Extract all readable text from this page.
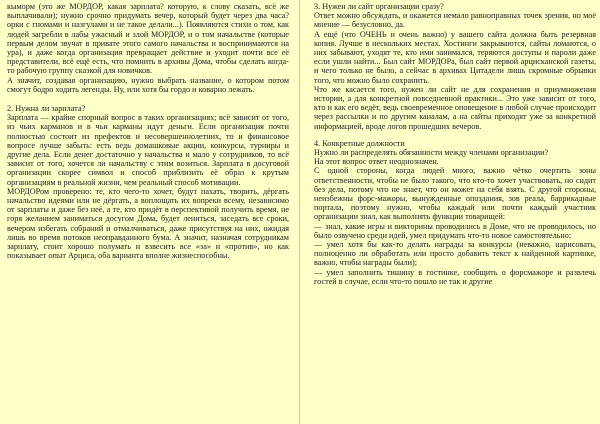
кыморм (это же МОРДОР, какая зарплата? которую, к слову сказать, всё же выплачивали); нужно срочно придумать вечер, который будет через два часа? орки с гномами и назгулами и не такое делали...). Появляются стихи о том, как людей загребли в лабы ужасный и злой МОРДОР, и о том начальстве (которые первым делом звучат в привате этого самого начальства и воспринимаются на ура), и даже когда организация превращает действие и уходит почти все её представители, всё ещё есть, что помнить в архивы Дома, чтобы сделать когда-то рабочую группу сказкой для новичков.

А значит, создавая организацию, нужно выбрать название, о котором потом смогут бодро ходить легенды. Ну, или хотя бы гордо и коварно лежать.

2. Нужна ли зарплата?

Зарплата — крайне спорный вопрос в таких организациях; всё зависит от того, из чьих карманов и в чьи карманы идут деньги. Если организация почти полностью состоит из префектов и несовершеннолетних, то и финансовое вопросе лучше забыть: есть ведь домашковые акции, конкурсы, турниры и другие дела. Если денег достаточно у начальства и мало у сотрудников, то всё зависит от того, хочется ли начальству с этим возиться. Зарплата в досуговой организации скорее символ и способ приблизить её образ к крутым организациям в реальной жизни, чем реальный способ мотивации.

МОРДОРом проверено: те, кто чего-то хочет, будут пахать, творить, дёргать начальство идеями или не дёргать, а воплощать их вопреки всему, независимо от зарплаты и даже без неё, а те, кто придёт в перспективой получить время, не горя желанием заниматься досугом Дома, будет лениться, заседать все сроки, вечером избегать собраний и отмалчиваться, даже присутствуя на них, ожидая лишь во время потоков неоправданного бума. А значит, назначая сотрудникам зарплату, стоит хорошо полумать и взвесить все «за» и «против», но как показывает опыт Арциса, оба варианта вполне жизнеспособны.

3. Нужен ли сайт организации сразу?

Ответ можно обсуждать, и окажется немало равноправных точек зрения, но моё мнение — безусловно, да.

А ещё (что ОЧЕНЬ и очень важно) у вашего сайта должна быть резервная копия. Лучше в нескольких местах. Хостинги закрываются, сайты ломаются, о них забывают, уходят те, кто ими занимался, теряются доступы и пароли даже если ушли найти... Был сайт МОРДОРа, был сайт первой арцисканской газеты, и чего только не было, а сейчас в архивах Цитадели лишь скромные обрывки того, что можно было сохранить.

Что же касается того, нужен ли сайт не для сохранения и приумножения истории, а для конкретной повседневной практики... Это уже зависит от того, кто и как его ведёт, ведь своевременное оповещение в любой случае происходит через рассылки и по другим каналам, а на сайты приходят уже за конкретной информацией, вроде логов прошедших вечеров.

4. Конкретные должности

Нужно ли распределять обязанности между членами организации?

На этот вопрос ответ неоднозначен.

С одной стороны, когда людей много, важно чётко очертить зоны ответственности, чтобы не было такого, что кто-то хочет участвовать, но сидит без дела, потому что не знает, что он может на себя взять. С другой стороны, неизбежны форс-мажоры, вынужденные опоздания, зов реала, баррикадные портала, поэтому нужно, чтобы каждый или почти каждый участник организации знал, как выполнять функции товарищей:

— знал, какие игры и викторины проводились в Доме, что не проводилось, но было озвучено среди идей, умел придумать что-то новое самостоятельно;

— умел хотя бы как-то делать награды за конкурсы (неважно, нарисовать, полноценно ли обработать или просто добавить текст к найденной картинке, важно, чтобы награды были);

— умел заполнить тишину в гостинке, сообщить о форсмажоре и развлечь гостей в случае, если что-то пошло не так и другие
